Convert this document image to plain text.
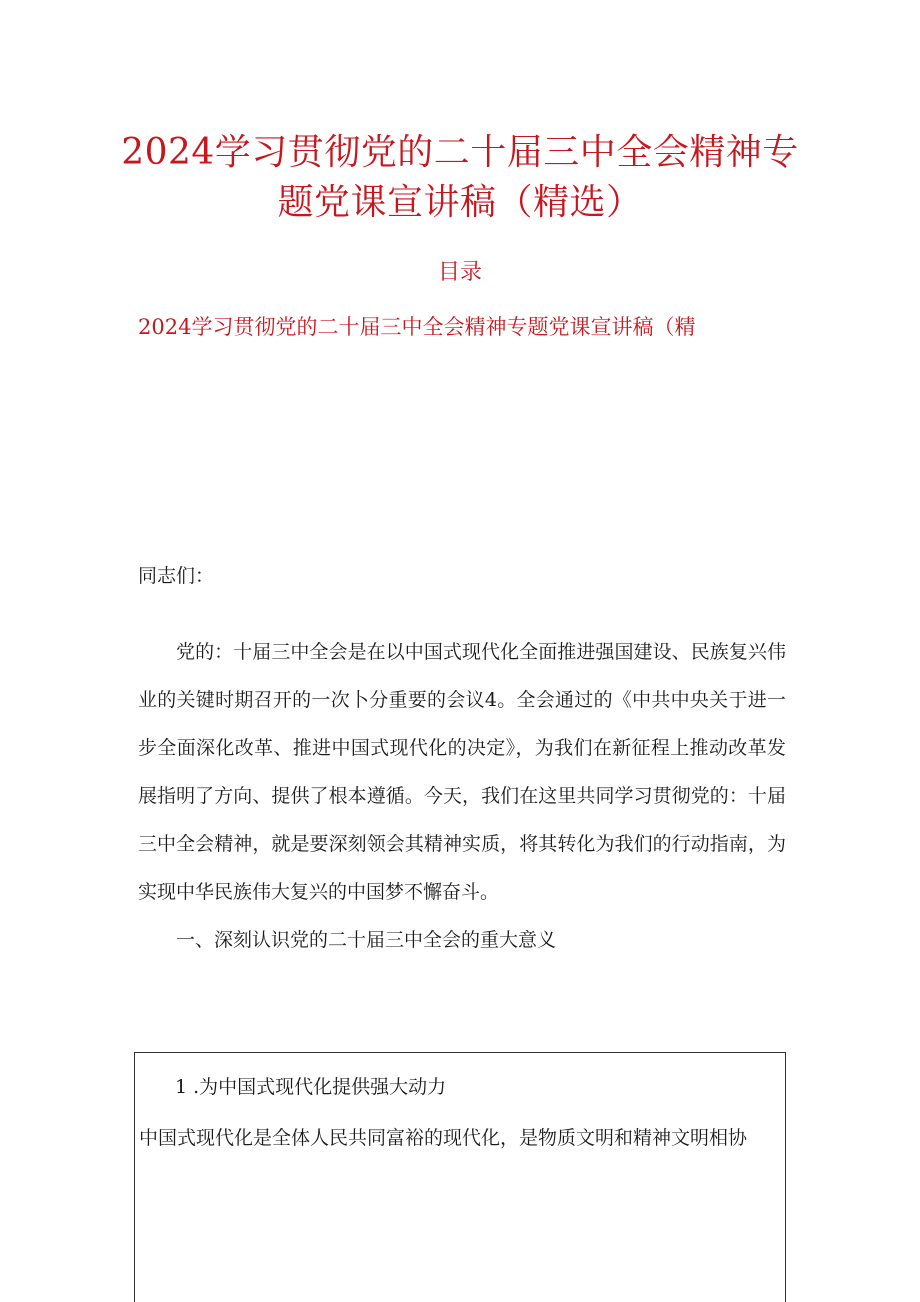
2024学习贯彻党的二十届三中全会精神专
题党课宣讲稿（精选）
目录
2024学习贯彻党的二十届三中全会精神专题党课宣讲稿（精
同志们：
党的：十届三中全会是在以中国式现代化全面推进强国建设、民族复兴伟业的关键时期召开的一次卜分重要的会议4。全会通过的《中共中央关于进一步全面深化改革、推进中国式现代化的决定》，为我们在新征程上推动改革发展指明了方向、提供了根本遵循。今天，我们在这里共同学习贯彻党的：十届三中全会精神，就是要深刻领会其精神实质，将其转化为我们的行动指南，为实现中华民族伟大复兴的中国梦不懈奋斗。
一、深刻认识党的二十届三中全会的重大意义
1 .为中国式现代化提供强大动力
中国式现代化是全体人民共同富裕的现代化，是物质文明和精神文明相协
